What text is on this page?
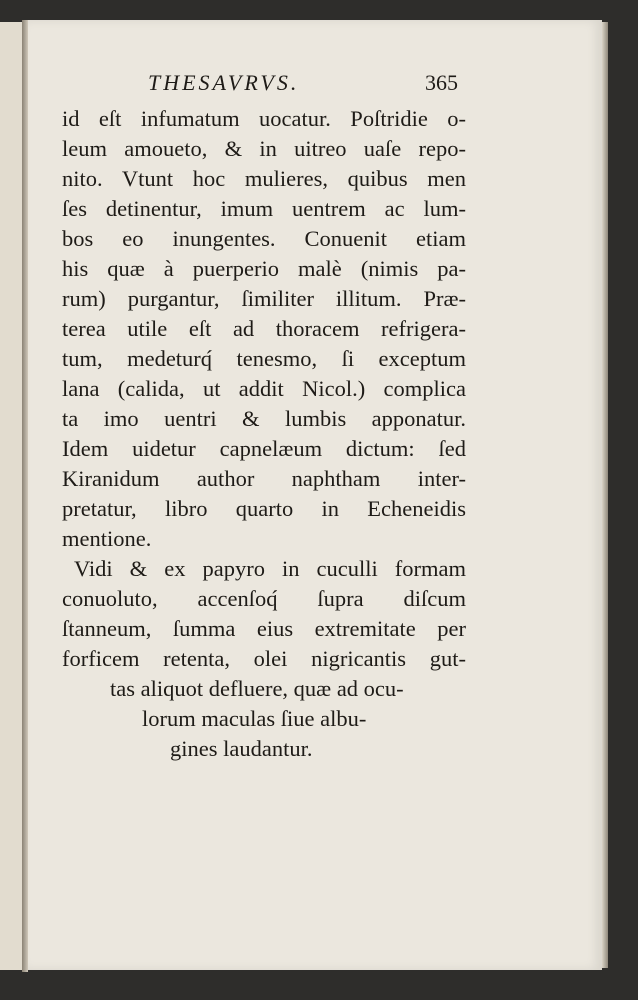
THESAVRVS.	365
id eſt infumatum uocatur. Poſtridie o-
leum amoueto, & in uitreo uaſe repo-
nito. Vtunt hoc mulieres, quibus men
ſes detinentur, imum uentrem ac lum-
bos eo inungentes. Conuenit etiam
his quæ à puerperio malè (nimis pa-
rum) purgantur, ſimiliter illitum. Præ-
terea utile eſt ad thoracem refrigera-
tum, medeturq́ tenesmo, ſi exceptum
lana (calida, ut addit Nicol.) complica
ta imo uentri & lumbis apponatur.
Idem uidetur capnelæum dictum: ſed
Kiranidum author naphtham inter-
pretatur, libro quarto in Echeneidis
mentione.
Vidi & ex papyro in cuculli formam
conuoluto, accenſoq́ ſupra diſcum
ſtanneum, ſumma eius extremitate per
forficem retenta, olei nigricantis gut-
tas aliquot defluere, quæ ad ocu-
lorum maculas ſiue albu-
gines laudantur.
